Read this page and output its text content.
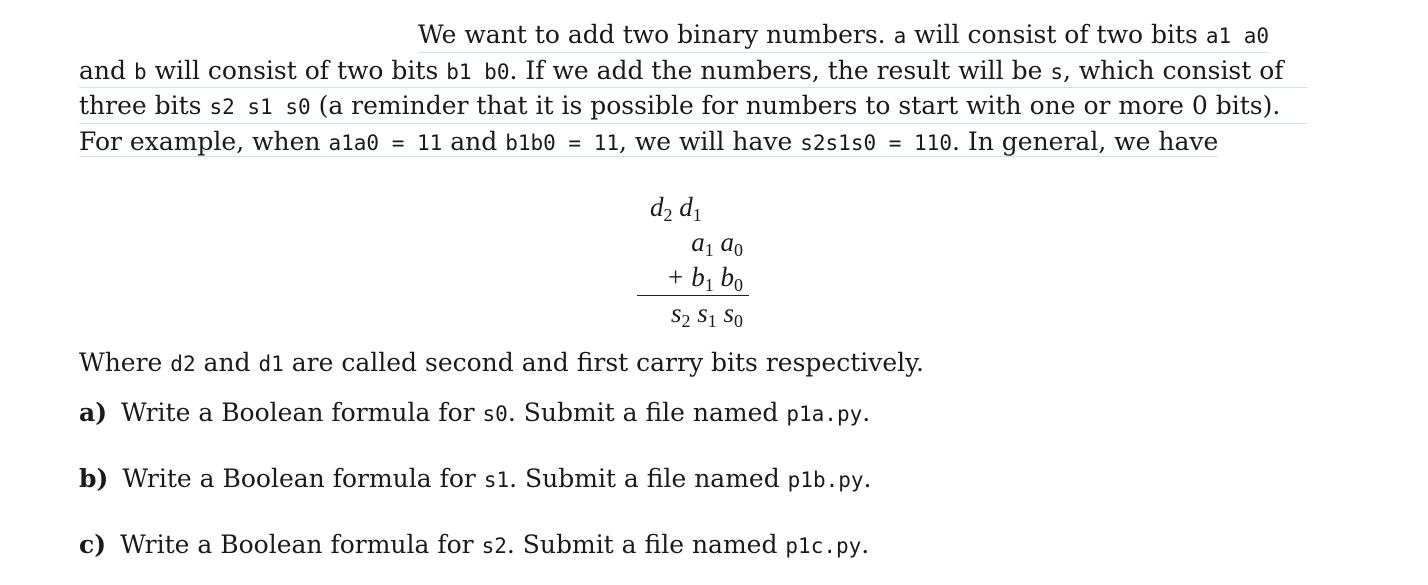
We want to add two binary numbers. a will consist of two bits a1 a0
and b will consist of two bits b1 b0. If we add the numbers, the result will be s, which consist of
three bits s2 s1 s0 (a reminder that it is possible for numbers to start with one or more 0 bits).
For example, when a1a0 = 11 and b1b0 = 11, we will have s2s1s0 = 110. In general, we have
$d_2$ $d_1$
$a_1$ $a_0$
+ $b_1$ $b_0$
$s_2$ $s_1$ $s_0$
Where d2 and d1 are called second and first carry bits respectively.
a) Write a Boolean formula for s0. Submit a file named p1a.py.
b) Write a Boolean formula for s1. Submit a file named p1b.py.
c) Write a Boolean formula for s2. Submit a file named p1c.py.
